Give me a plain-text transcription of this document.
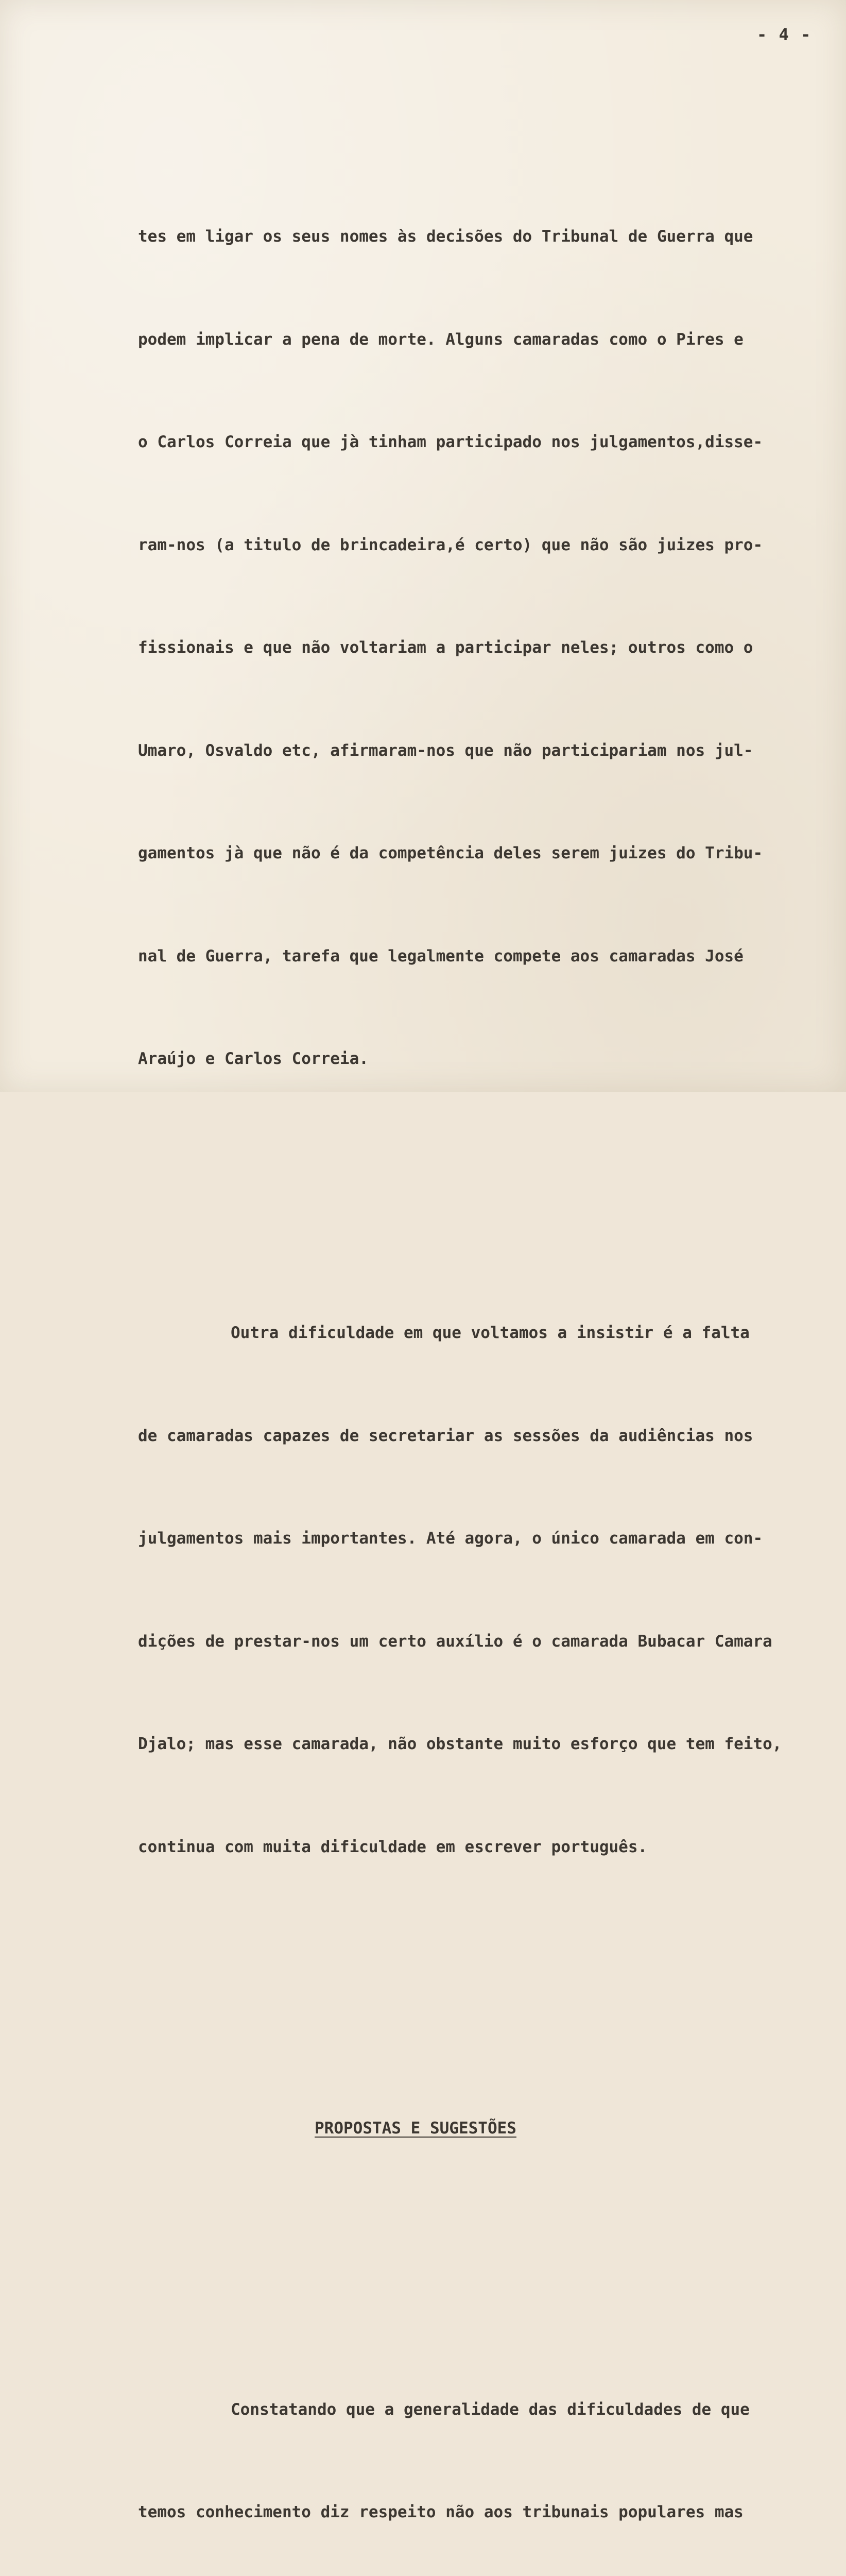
- 4 -

tes em ligar os seus nomes às decisões do Tribunal de Guerra que

podem implicar a pena de morte. Alguns camaradas como o Pires e

o Carlos Correia que jà tinham participado nos julgamentos,disse-

ram-nos (a titulo de brincadeira,é certo) que não são juizes pro-

fissionais e que não voltariam a participar neles; outros como o

Umaro, Osvaldo etc, afirmaram-nos que não participariam nos jul-

gamentos jà que não é da competência deles serem juizes do Tribu-

nal de Guerra, tarefa que legalmente compete aos camaradas José

Araújo e Carlos Correia.

Outra dificuldade em que voltamos a insistir é a falta

de camaradas capazes de secretariar as sessões da audiências nos

julgamentos mais importantes. Até agora, o único camarada em con-

dições de prestar-nos um certo auxílio é o camarada Bubacar Camara

Djalo; mas esse camarada, não obstante muito esforço que tem feito,

continua com muita dificuldade em escrever português.

PROPOSTAS E SUGESTÕES

Constatando que a generalidade das dificuldades de que

temos conhecimento diz respeito não aos tribunais populares mas
